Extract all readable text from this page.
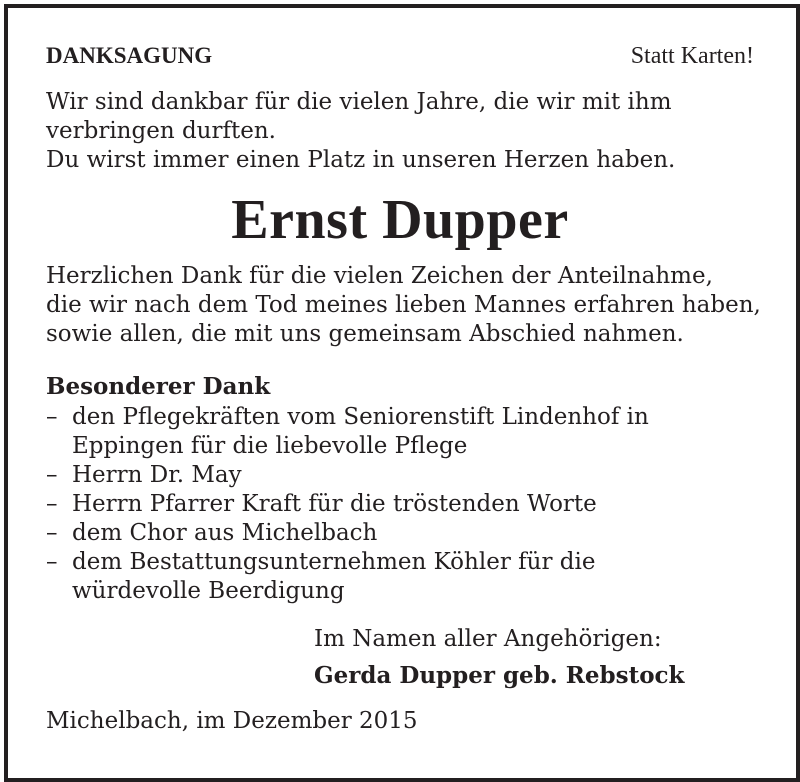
DANKSAGUNG	Statt Karten!
Wir sind dankbar für die vielen Jahre, die wir mit ihm
verbringen durften.
Du wirst immer einen Platz in unseren Herzen haben.
Ernst Dupper
Herzlichen Dank für die vielen Zeichen der Anteilnahme,
die wir nach dem Tod meines lieben Mannes erfahren haben,
sowie allen, die mit uns gemeinsam Abschied nahmen.
Besonderer Dank
– den Pflegekräften vom Seniorenstift Lindenhof in
Eppingen für die liebevolle Pflege
– Herrn Dr. May
– Herrn Pfarrer Kraft für die tröstenden Worte
– dem Chor aus Michelbach
– dem Bestattungsunternehmen Köhler für die
würdevolle Beerdigung
Im Namen aller Angehörigen:
Gerda Dupper geb. Rebstock
Michelbach, im Dezember 2015
